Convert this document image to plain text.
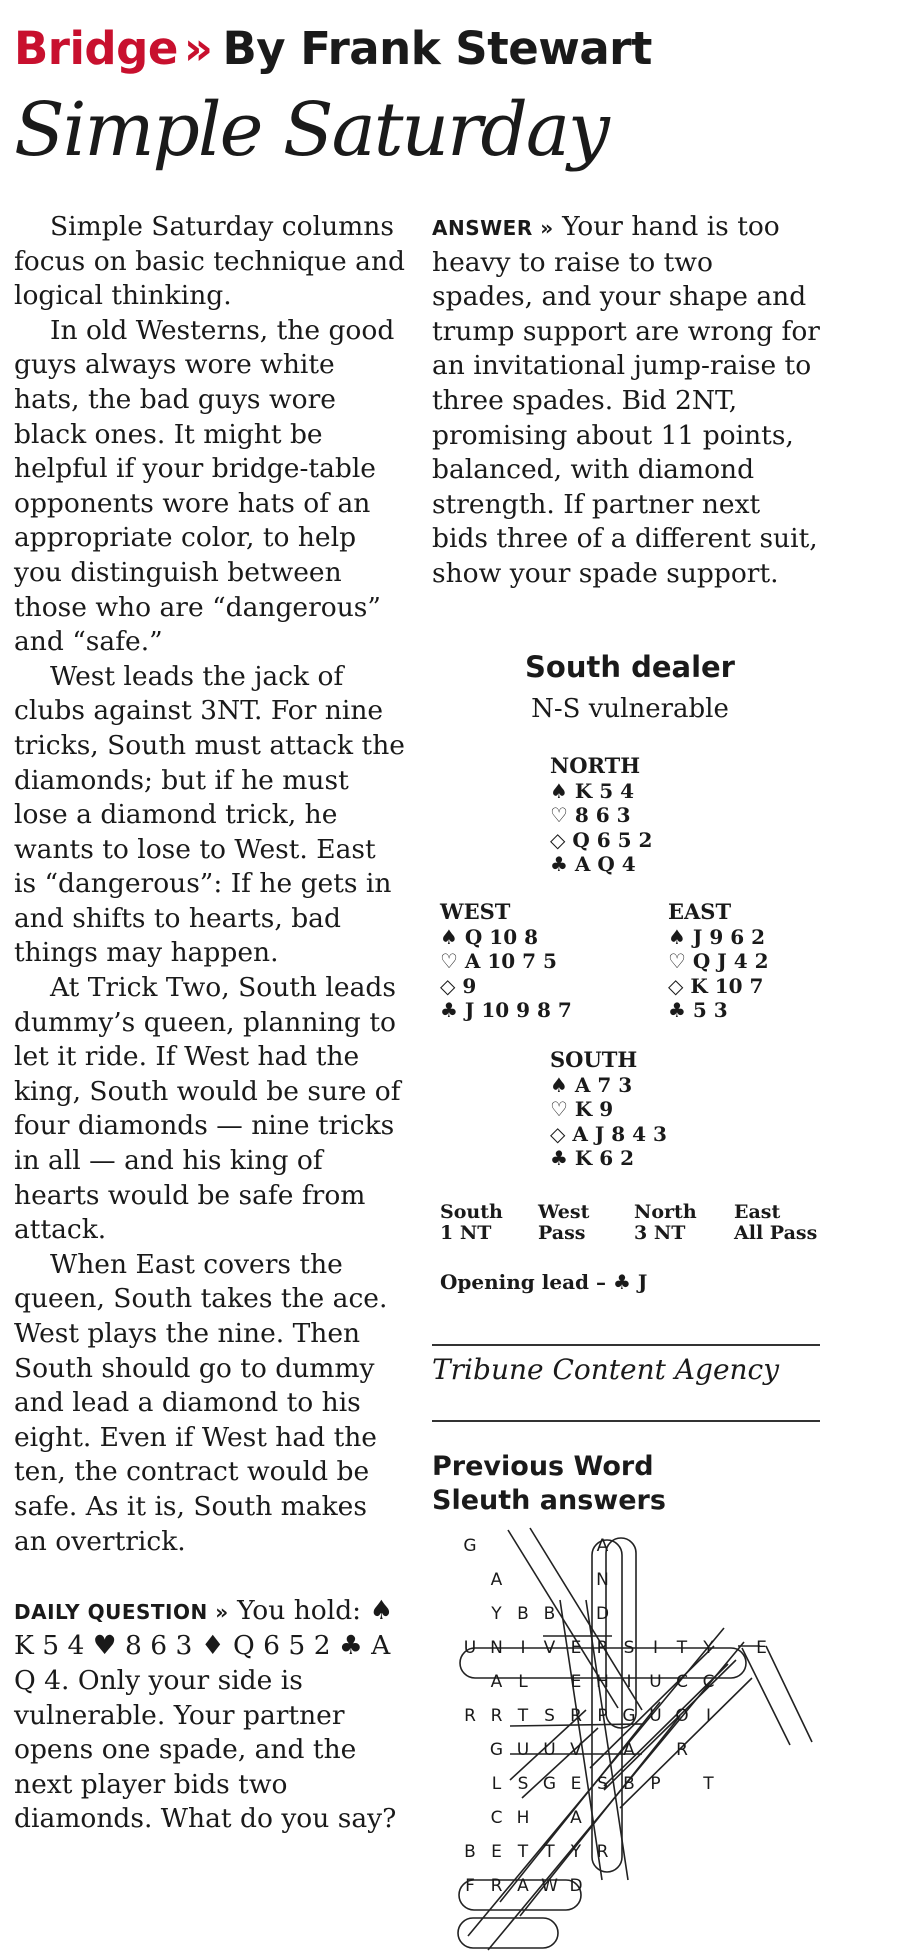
Bridge » By Frank Stewart
Simple Saturday

Simple Saturday columns focus on basic technique and logical thinking.

In old Westerns, the good guys always wore white hats, the bad guys wore black ones. It might be helpful if your bridge-table opponents wore hats of an appropriate color, to help you distinguish between those who are “dangerous” and “safe.”

West leads the jack of clubs against 3NT. For nine tricks, South must attack the diamonds; but if he must lose a diamond trick, he wants to lose to West. East is “dangerous”: If he gets in and shifts to hearts, bad things may happen.

At Trick Two, South leads dummy’s queen, planning to let it ride. If West had the king, South would be sure of four diamonds — nine tricks in all — and his king of hearts would be safe from attack.

When East covers the queen, South takes the ace. West plays the nine. Then South should go to dummy and lead a diamond to his eight. Even if West had the ten, the contract would be safe. As it is, South makes an overtrick.

DAILY QUESTION » You hold: ♠ K 5 4 ♥ 8 6 3 ♦ Q 6 5 2 ♣ A Q 4. Only your side is vulnerable. Your partner opens one spade, and the next player bids two diamonds. What do you say?
ANSWER » Your hand is too heavy to raise to two spades, and your shape and trump support are wrong for an invitational jump-raise to three spades. Bid 2NT, promising about 11 points, balanced, with diamond strength. If partner next bids three of a different suit, show your spade support.
South dealer
N-S vulnerable
NORTH
♠ K 5 4
♡ 8 6 3
◇ Q 6 5 2
♣ A Q 4
WEST
♠ Q 10 8
♡ A 10 7 5
◇ 9
♣ J 10 9 8 7
EAST
♠ J 9 6 2
♡ Q J 4 2
◇ K 10 7
♣ 5 3
SOUTH
♠ A 7 3
♡ K 9
◇ A J 8 4 3
♣ K 6 2
South
1 NT
West
Pass
North
3 NT
East
All Pass
Opening lead – ♣ J
Tribune Content Agency
Previous Word Sleuth answers
G	A
A	N
Y B B	D
U N	I	V E R S	I	T Y	E
A L	E H	I	U C C
R R T S R P G U O	I
G U U V	A	R
L S G E S B P	T
C H	A
B E T T Y R
F R A W D
